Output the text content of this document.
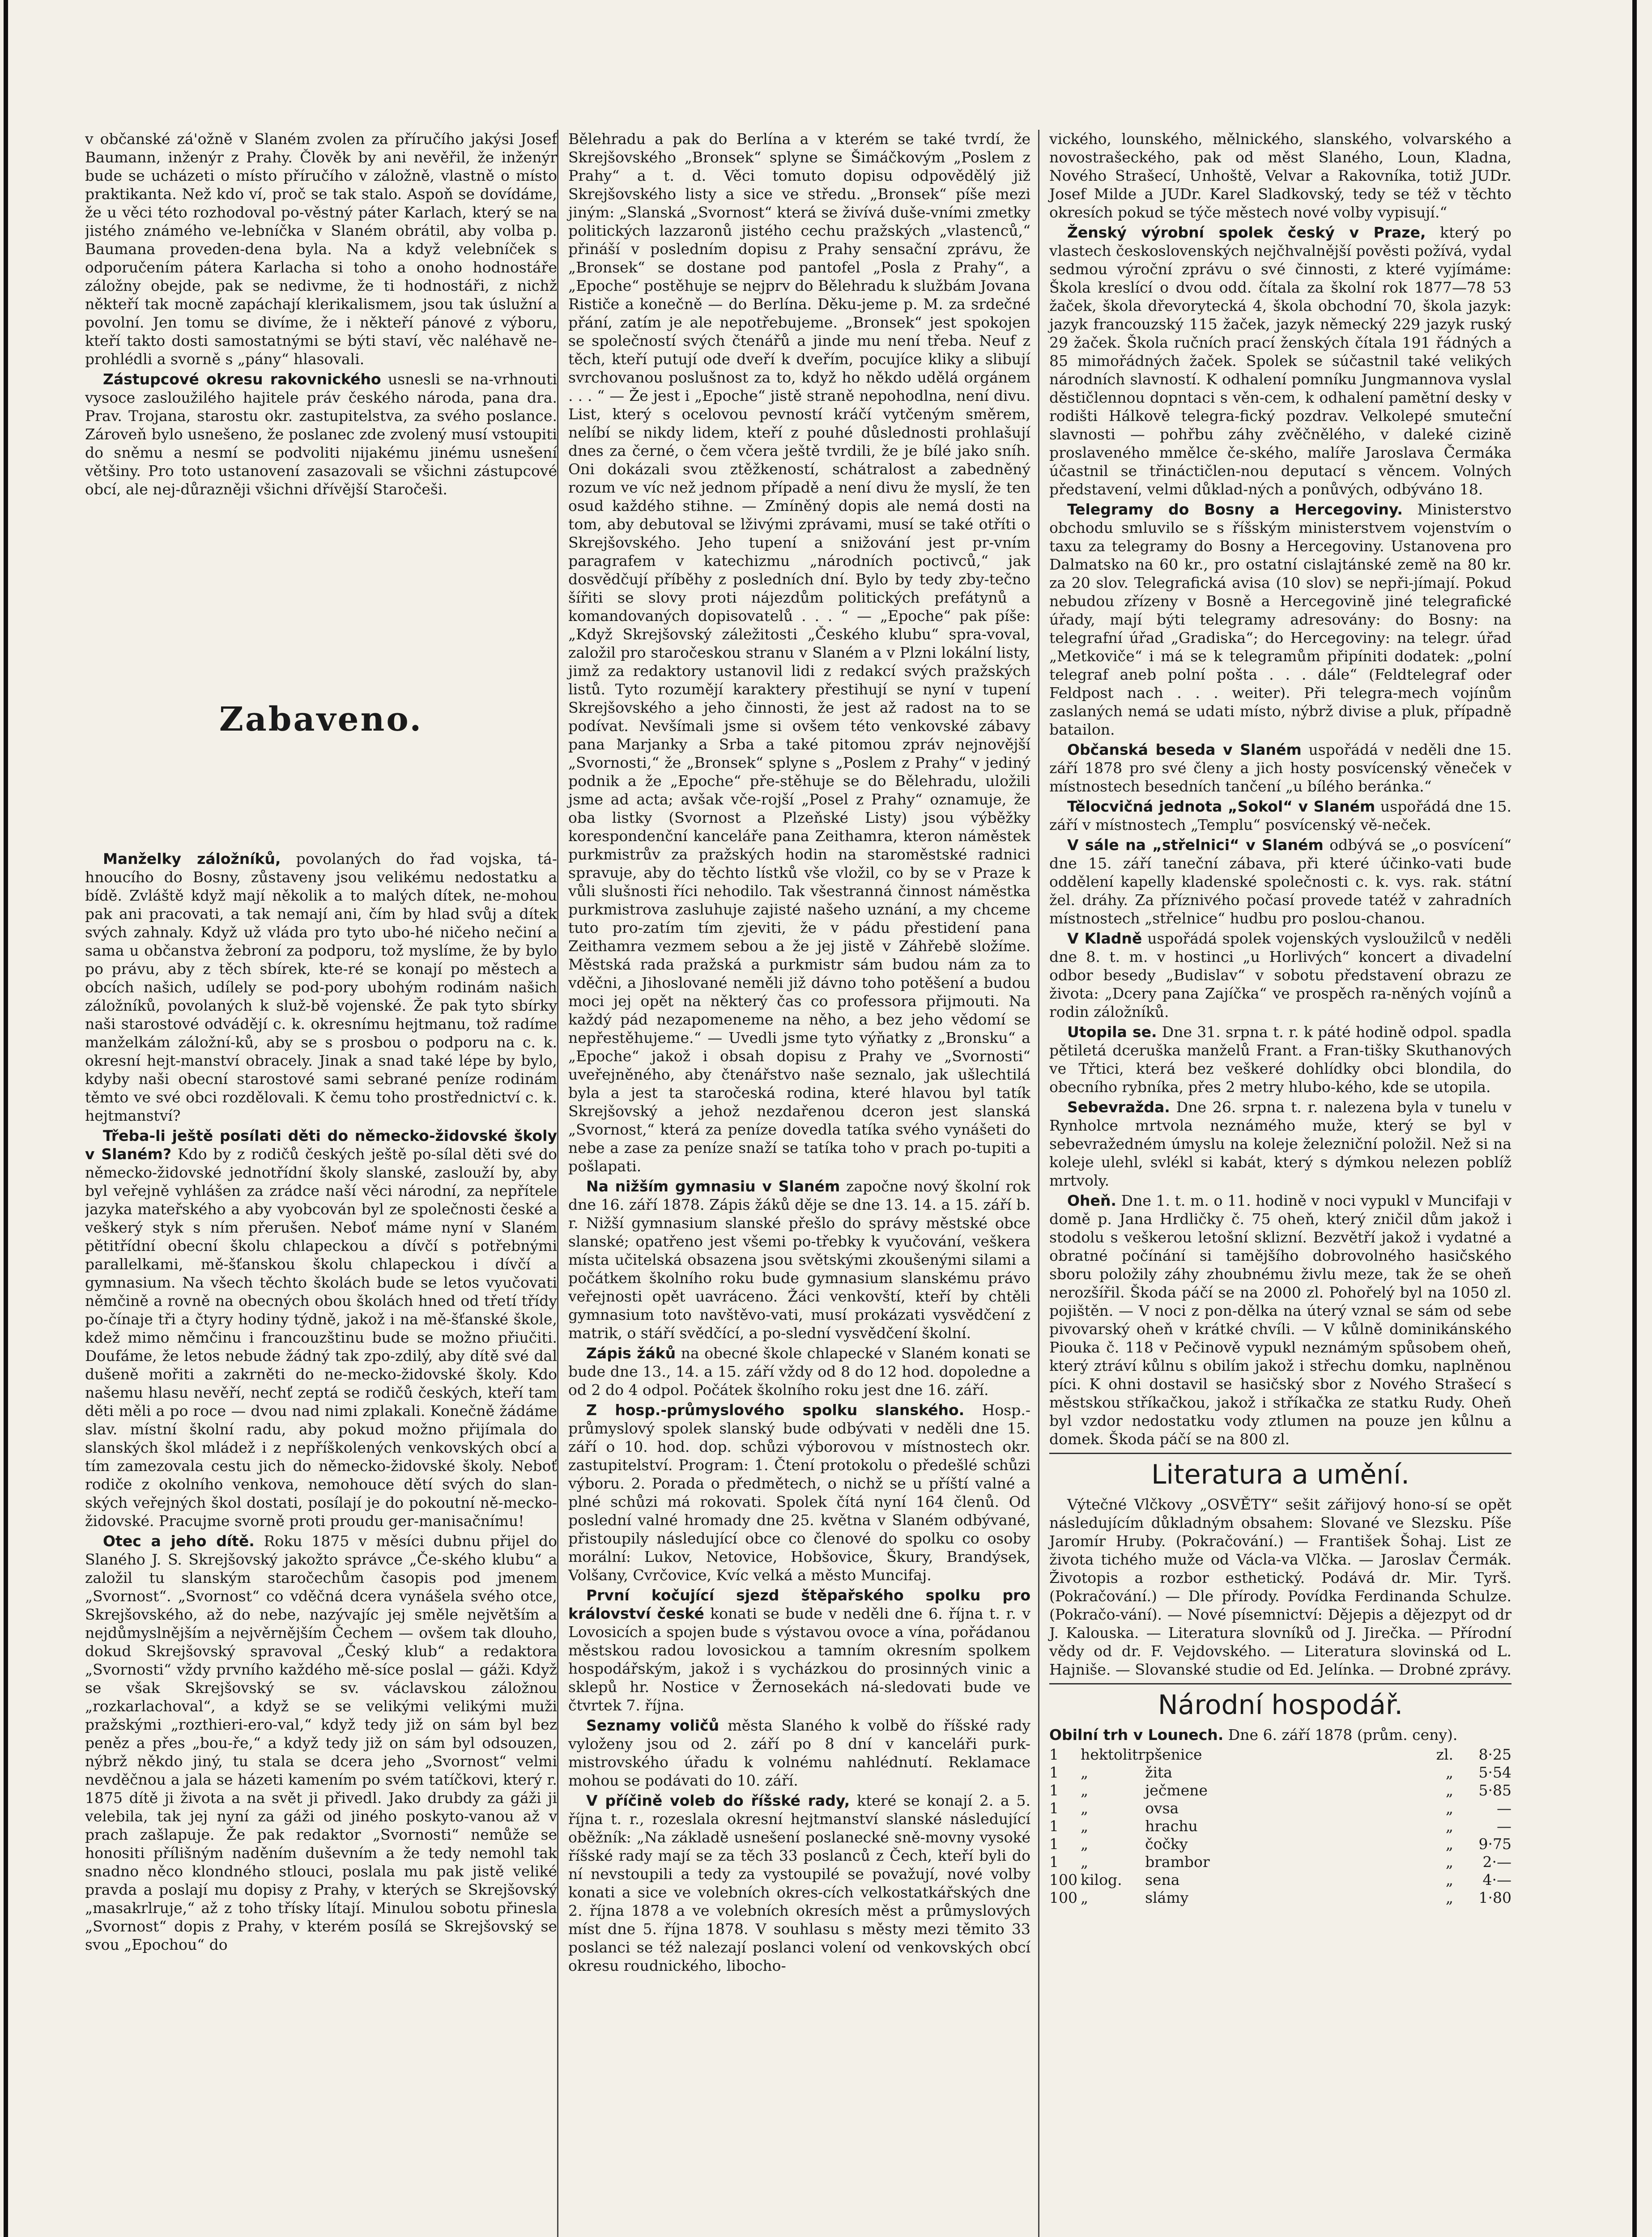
v občanské zá'ožně v Slaném zvolen za příručího jakýsi Josef Baumann, inženýr z Prahy. Člověk by ani nevěřil, že inženýr bude se ucházeti o místo příručího v záložně, vlastně o místo praktikanta. Než kdo ví, proč se tak stalo. Aspoň se dovídáme, že u věci této rozhodoval po-věstný páter Karlach, který se na jistého známého ve-lebníčka v Slaném obrátil, aby volba p. Baumana proveden-dena byla. Na a když velebníček s odporučením pátera Karlacha si toho a onoho hodnostáře záložny obejde, pak se nedivme, že ti hodnostáři, z nichž někteří tak mocně zapáchají klerikalismem, jsou tak úslužní a povolní. Jen tomu se divíme, že i někteří pánové z výboru, kteří takto dosti samostatnými se býti staví, věc naléhavě ne-prohlédli a svorně s „pány“ hlasovali.

Zástupcové okresu rakovnického usnesli se na-vrhnouti vysoce zasloužilého hajitele práv českého národa, pana dra. Prav. Trojana, starostu okr. zastupitelstva, za svého poslance. Zároveň bylo usnešeno, že poslanec zde zvolený musí vstoupiti do sněmu a nesmí se podvoliti nijakému jinému usnešení většiny. Pro toto ustanovení zasazovali se všichni zástupcové obcí, ale nej-důrazněji všichni dřívější Staročeši.

Zabaveno.

Manželky záložníků, povolaných do řad vojska, tá-hnoucího do Bosny, zůstaveny jsou velikému nedostatku a bídě. Zvláště když mají několik a to malých dítek, ne-mohou pak ani pracovati, a tak nemají ani, čím by hlad svůj a dítek svých zahnaly. Když už vláda pro tyto ubo-hé ničeho nečiní a sama u občanstva žebroní za podporu, tož myslíme, že by bylo po právu, aby z těch sbírek, kte-ré se konají po městech a obcích našich, udílely se pod-pory ubohým rodinám našich záložníků, povolaných k služ-bě vojenské. Že pak tyto sbírky naši starostové odvádějí c. k. okresnímu hejtmanu, tož radíme manželkám záložní-ků, aby se s prosbou o podporu na c. k. okresní hejt-manství obracely. Jinak a snad také lépe by bylo, kdyby naši obecní starostové sami sebrané peníze rodinám těmto ve své obci rozdělovali. K čemu toho prostřednictví c. k. hejtmanství?

Třeba-li ještě posílati děti do německo-židovské školy v Slaném? Kdo by z rodičů českých ještě po-sílal děti své do německo-židovské jednotřídní školy slanské, zaslouží by, aby byl veřejně vyhlášen za zrádce naší věci národní, za nepřítele jazyka mateřského a aby vyobcován byl ze společnosti české a veškerý styk s ním přerušen. Neboť máme nyní v Slaném pětitřídní obecní školu chlapeckou a dívčí s potřebnými parallelkami, mě-šťanskou školu chlapeckou i dívčí a gymnasium. Na všech těchto školách bude se letos vyučovati němčině a rovně na obecných obou školách hned od třetí třídy po-čínaje tři a čtyry hodiny týdně, jakož i na mě-šťanské škole, kdež mimo němčinu i francouzštinu bude se možno přiučiti. Doufáme, že letos nebude žádný tak zpo-zdilý, aby dítě své dal dušeně mořiti a zakrněti do ne-mecko-židovské školy. Kdo našemu hlasu nevěří, nechť zeptá se rodičů českých, kteří tam děti měli a po roce — dvou nad nimi zplakali. Konečně žádáme slav. místní školní radu, aby pokud možno přijímala do slanských škol mládež i z nepříškolených venkovských obcí a tím zamezovala cestu jich do německo-židovské školy. Neboť rodiče z okolního venkova, nemohouce dětí svých do slan-ských veřejných škol dostati, posílají je do pokoutní ně-mecko-židovské. Pracujme svorně proti proudu ger-manisačnímu!

Otec a jeho dítě. Roku 1875 v měsíci dubnu přijel do Slaného J. S. Skrejšovský jakožto správce „Če-ského klubu“ a založil tu slanským staročechům časopis pod jmenem „Svornost“. „Svornost“ co vděčná dcera vynášela svého otce, Skrejšovského, až do nebe, nazývajíc jej směle největším a nejdůmyslnějším a nejvěrnějším Čechem — ovšem tak dlouho, dokud Skrejšovský spravoval „Český klub“ a redaktora „Svornosti“ vždy prvního každého mě-síce poslal — gáži. Když se však Skrejšovský se sv. václavskou záložnou „rozkarlachoval“, a když se se velikými velikými muži pražskými „rozthieri-ero-val,“ když tedy již on sám byl bez peněz a přes „bou-ře,“ a když tedy již on sám byl odsouzen, nýbrž někdo jiný, tu stala se dcera jeho „Svornost“ velmi nevděčnou a jala se házeti kamením po svém tatíčkovi, který r. 1875 dítě ji života a na svět ji přivedl. Jako drubdy za gáži ji velebila, tak jej nyní za gáži od jiného poskyto-vanou až v prach zašlapuje. Že pak redaktor „Svornosti“ nemůže se honositi přílišným naděním duševním a že tedy nemohl tak snadno něco klondného stlouci, poslala mu pak jistě veliké pravda a poslají mu dopisy z Prahy, v kterých se Skrejšovský „masakrlruje,“ až z toho třísky lítají. Minulou sobotu přinesla „Svornost“ dopis z Prahy, v kterém posílá se Skrejšovský se svou „Epochou“ do

Bělehradu a pak do Berlína a v kterém se také tvrdí, že Skrejšovského „Bronsek“ splyne se Šimáčkovým „Poslem z Prahy“ a t. d. Věci tomuto dopisu odpovědělý již Skrejšovského listy a sice ve středu. „Bronsek“ píše mezi jiným: „Slanská „Svornost“ která se živívá duše-vními zmetky politických lazzaronů jistého cechu pražských „vlastenců,“ přináší v posledním dopisu z Prahy sensační zprávu, že „Bronsek“ se dostane pod pantofel „Posla z Prahy“, a „Epoche“ postěhuje se nejprv do Bělehradu k službám Jovana Rističe a konečně — do Berlína. Děku-jeme p. M. za srdečné přání, zatím je ale nepotřebujeme. „Bronsek“ jest spokojen se společností svých čtenářů a jinde mu není třeba. Neuf z těch, kteří putují ode dveří k dveřím, pocujíce kliky a slibují svrchovanou poslušnost za to, když ho někdo udělá orgánem . . . “ — Že jest i „Epoche“ jistě straně nepohodlna, není divu. List, který s ocelovou pevností kráčí vytčeným směrem, nelíbí se nikdy lidem, kteří z pouhé důslednosti prohlašují dnes za černé, o čem včera ještě tvrdili, že je bílé jako sníh. Oni dokázali svou ztěžkeností, schátralost a zabedněný rozum ve víc než jednom případě a není divu že myslí, že ten osud každého stihne. — Zmíněný dopis ale nemá dosti na tom, aby debutoval se lživými zprávami, musí se také otříti o Skrejšovského. Jeho tupení a snižování jest pr-vním paragrafem v katechizmu „národních poctivců,“ jak dosvědčují příběhy z posledních dní. Bylo by tedy zby-tečno šířiti se slovy proti nájezdům politických prefátynů a komandovaných dopisovatelů . . . “ — „Epoche“ pak píše: „Když Skrejšovský záležitosti „Českého klubu“ spra-voval, založil pro staročeskou stranu v Slaném a v Plzni lokální listy, jimž za redaktory ustanovil lidi z redakcí svých pražských listů. Tyto rozumějí karaktery přestihují se nyní v tupení Skrejšovského a jeho činnosti, že jest až radost na to se podívat. Nevšímali jsme si ovšem této venkovské zábavy pana Marjanky a Srba a také pitomou zpráv nejnovější „Svornosti,“ že „Bronsek“ splyne s „Poslem z Prahy“ v jediný podnik a že „Epoche“ pře-stěhuje se do Bělehradu, uložili jsme ad acta; avšak vče-rojší „Posel z Prahy“ oznamuje, že oba listky (Svornost a Plzeňské Listy) jsou výběžky korespondenční kanceláře pana Zeithamra, kteron náměstek purkmistrův za pražských hodin na staroměstské radnici spravuje, aby do těchto lístků vše vložil, co by se v Praze k vůli slušnosti říci nehodilo. Tak všestranná činnost náměstka purkmistrova zasluhuje zajisté našeho uznání, a my chceme tuto pro-zatím tím zjeviti, že v pádu přestidení pana Zeithamra vezmem sebou a že jej jistě v Záhřebě složíme. Městská rada pražská a purkmistr sám budou nám za to vděčni, a Jihoslované neměli již dávno toho potěšení a budou moci jej opět na některý čas co professora přijmouti. Na každý pád nezapomeneme na něho, a bez jeho vědomí se nepřestěhujeme.“ — Uvedli jsme tyto výňatky z „Bronsku“ a „Epoche“ jakož i obsah dopisu z Prahy ve „Svornosti“ uveřejněného, aby čtenářstvo naše seznalo, jak ušlechtilá byla a jest ta staročeská rodina, které hlavou byl tatík Skrejšovský a jehož nezdařenou dceron jest slanská „Svornost,“ která za peníze dovedla tatíka svého vynášeti do nebe a zase za peníze snaží se tatíka toho v prach po-tupiti a pošlapati.

Na nižším gymnasiu v Slaném započne nový školní rok dne 16. září 1878. Zápis žáků děje se dne 13. 14. a 15. září b. r. Nižší gymnasium slanské přešlo do správy městské obce slanské; opatřeno jest všemi po-třebky k vyučování, veškera místa učitelská obsazena jsou světskými zkoušenými silami a počátkem školního roku bude gymnasium slanskému právo veřejnosti opět uavráceno. Žáci venkovští, kteří by chtěli gymnasium toto navštěvo-vati, musí prokázati vysvědčení z matrik, o stáří svědčící, a po-slední vysvědčení školní.

Zápis žáků na obecné škole chlapecké v Slaném konati se bude dne 13., 14. a 15. září vždy od 8 do 12 hod. dopoledne a od 2 do 4 odpol. Počátek školního roku jest dne 16. září.

Z hosp.-průmyslového spolku slanského. Hosp.-průmyslový spolek slanský bude odbývati v neděli dne 15. září o 10. hod. dop. schůzi výborovou v místnostech okr. zastupitelství. Program: 1. Čtení protokolu o předešlé schůzi výboru. 2. Porada o předmětech, o nichž se u příští valné a plné schůzi má rokovati. Spolek čítá nyní 164 členů. Od poslední valné hromady dne 25. května v Slaném odbývané, přistoupily následující obce co členové do spolku co osoby morální: Lukov, Netovice, Hobšovice, Škury, Brandýsek, Volšany, Cvrčovice, Kvíc velká a město Muncifaj.

První kočující sjezd štěpařského spolku pro království české konati se bude v neděli dne 6. října t. r. v Lovosicích a spojen bude s výstavou ovoce a vína, pořádanou městskou radou lovosickou a tamním okresním spolkem hospodářským, jakož i s vycházkou do prosinných vinic a sklepů hr. Nostice v Žernosekách ná-sledovati bude ve čtvrtek 7. října.

Seznamy voličů města Slaného k volbě do říšské rady vyloženy jsou od 2. září po 8 dní v kanceláři purk-mistrovského úřadu k volnému nahlédnutí. Reklamace mohou se podávati do 10. září.

V příčině voleb do říšské rady, které se konají 2. a 5. října t. r., rozeslala okresní hejtmanství slanské následující oběžník: „Na základě usnešení poslanecké sně-movny vysoké říšské rady mají se za těch 33 poslanců z Čech, kteří byli do ní nevstoupili a tedy za vystoupilé se považují, nové volby konati a sice ve volebních okres-cích velkostatkářských dne 2. října 1878 a ve volebních okresích měst a průmyslových míst dne 5. října 1878. V souhlasu s městy mezi těmito 33 poslanci se též nalezají poslanci volení od venkovských obcí okresu roudnického, libocho-

vického, lounského, mělnického, slanského, volvarského a novostrašeckého, pak od měst Slaného, Loun, Kladna, Nového Strašecí, Unhoště, Velvar a Rakovníka, totiž JUDr. Josef Milde a JUDr. Karel Sladkovský, tedy se též v těchto okresích pokud se týče městech nové volby vypisují.“

Ženský výrobní spolek český v Praze, který po vlastech československých nejčhvalnější pověsti požívá, vydal sedmou výroční zprávu o své činnosti, z které vyjímáme: Škola kreslící o dvou odd. čítala za školní rok 1877—78 53 žaček, škola dřevorytecká 4, škola obchodní 70, škola jazyk: jazyk francouzský 115 žaček, jazyk německý 229 jazyk ruský 29 žaček. Škola ručních prací ženských čítala 191 řádných a 85 mimořádných žaček. Spolek se súčastnil také velikých národních slavností. K odhalení pomníku Jungmannova vyslal děstičlennou dopntaci s věn-cem, k odhalení pamětní desky v rodišti Hálkově telegra-fický pozdrav. Velkolepé smuteční slavnosti — pohřbu záhy zvěčnělého, v daleké cizině proslaveného mmělce če-ského, malíře Jaroslava Čermáka účastnil se třináctičlen-nou deputací s věncem. Volných představení, velmi důklad-ných a ponůvých, odbýváno 18.

Telegramy do Bosny a Hercegoviny. Ministerstvo obchodu smluvilo se s říšským ministerstvem vojenstvím o taxu za telegramy do Bosny a Hercegoviny. Ustanovena pro Dalmatsko na 60 kr., pro ostatní cislajtánské země na 80 kr. za 20 slov. Telegrafická avisa (10 slov) se nepři-jímají. Pokud nebudou zřízeny v Bosně a Hercegovině jiné telegrafické úřady, mají býti telegramy adresovány: do Bosny: na telegrafní úřad „Gradiska“; do Hercegoviny: na telegr. úřad „Metkoviče“ i má se k telegramům připíniti dodatek: „polní telegraf aneb polní pošta . . . dále“ (Feldtelegraf oder Feldpost nach . . . weiter). Při telegra-mech vojínům zaslaných nemá se udati místo, nýbrž divise a pluk, případně batailon.

Občanská beseda v Slaném uspořádá v neděli dne 15. září 1878 pro své členy a jich hosty posvícenský věneček v místnostech besedních tančení „u bílého beránka.“

Tělocvičná jednota „Sokol“ v Slaném uspořádá dne 15. září v místnostech „Templu“ posvícenský vě-neček.

V sále na „střelnici“ v Slaném odbývá se „o posvícení“ dne 15. září taneční zábava, při které účinko-vati bude oddělení kapelly kladenské společnosti c. k. vys. rak. státní žel. dráhy. Za příznivého počasí provede tatéž v zahradních místnostech „střelnice“ hudbu pro poslou-chanou.

V Kladně uspořádá spolek vojenských vysloužilců v neděli dne 8. t. m. v hostinci „u Horlivých“ koncert a divadelní odbor besedy „Budislav“ v sobotu představení obrazu ze života: „Dcery pana Zajíčka“ ve prospěch ra-něných vojínů a rodin záložníků.

Utopila se. Dne 31. srpna t. r. k páté hodině odpol. spadla pětiletá dceruška manželů Frant. a Fran-tišky Skuthanových ve Třtici, která bez veškeré dohlídky obci blondila, do obecního rybníka, přes 2 metry hlubo-kého, kde se utopila.

Sebevražda. Dne 26. srpna t. r. nalezena byla v tunelu v Rynholce mrtvola neznámého muže, který se byl v sebevražedném úmyslu na koleje železniční položil. Než si na koleje ulehl, svlékl si kabát, který s dýmkou nelezen poblíž mrtvoly.

Oheň. Dne 1. t. m. o 11. hodině v noci vypukl v Muncifaji v domě p. Jana Hrdličky č. 75 oheň, který zničil dům jakož i stodolu s veškerou letošní sklizní. Bezvětří jakož i vydatné a obratné počínání si tamějšího dobrovolného hasičského sboru položily záhy zhoubnému živlu meze, tak že se oheň nerozšířil. Škoda páčí se na 2000 zl. Pohořelý byl na 1050 zl. pojištěn. — V noci z pon-dělka na úterý vznal se sám od sebe pivovarský oheň v krátké chvíli. — V kůlně dominikánského Piouka č. 118 v Pečinově vypukl neznámým spůsobem oheň, který ztráví kůlnu s obilím jakož i střechu domku, naplněnou píci. K ohni dostavil se hasičský sbor z Nového Strašecí s městskou stříkačkou, jakož i stříkačka ze statku Rudy. Oheň byl vzdor nedostatku vody ztlumen na pouze jen kůlnu a domek. Škoda páčí se na 800 zl.

Literatura a umění.

Výtečné Vlčkovy „OSVĚTY“ sešit zářijový hono-sí se opět následujícím důkladným obsahem: Slované ve Slezsku. Píše Jaromír Hruby. (Pokračování.) — František Šohaj. List ze života tichého muže od Václa-va Vlčka. — Jaroslav Čermák. Životopis a rozbor esthetický. Podává dr. Mir. Tyrš. (Pokračování.) — Dle přírody. Povídka Ferdinanda Schulze. (Pokračo-vání). — Nové písemnictví: Dějepis a dějezpyt od dr J. Kalouska. — Literatura slovníků od J. Jirečka. — Přírodní vědy od dr. F. Vejdovského. — Literatura slovinská od L. Hajniše. — Slovanské studie od Ed. Jelínka. — Drobné zprávy.

Národní hospodář.

Obilní trh v Lounech. Dne 6. září 1878 (prům. ceny).

1	hektolitr	pšenice	zl.	8·25
1	„	žita	„	5·54
1	„	ječmene	„	5·85
1	„	ovsa	„	—
1	„	hrachu	„	—
1	„	čočky	„	9·75
1	„	brambor	„	2·—
100	kilog.	sena	„	4·—
100	„	slámy	„	1·80
